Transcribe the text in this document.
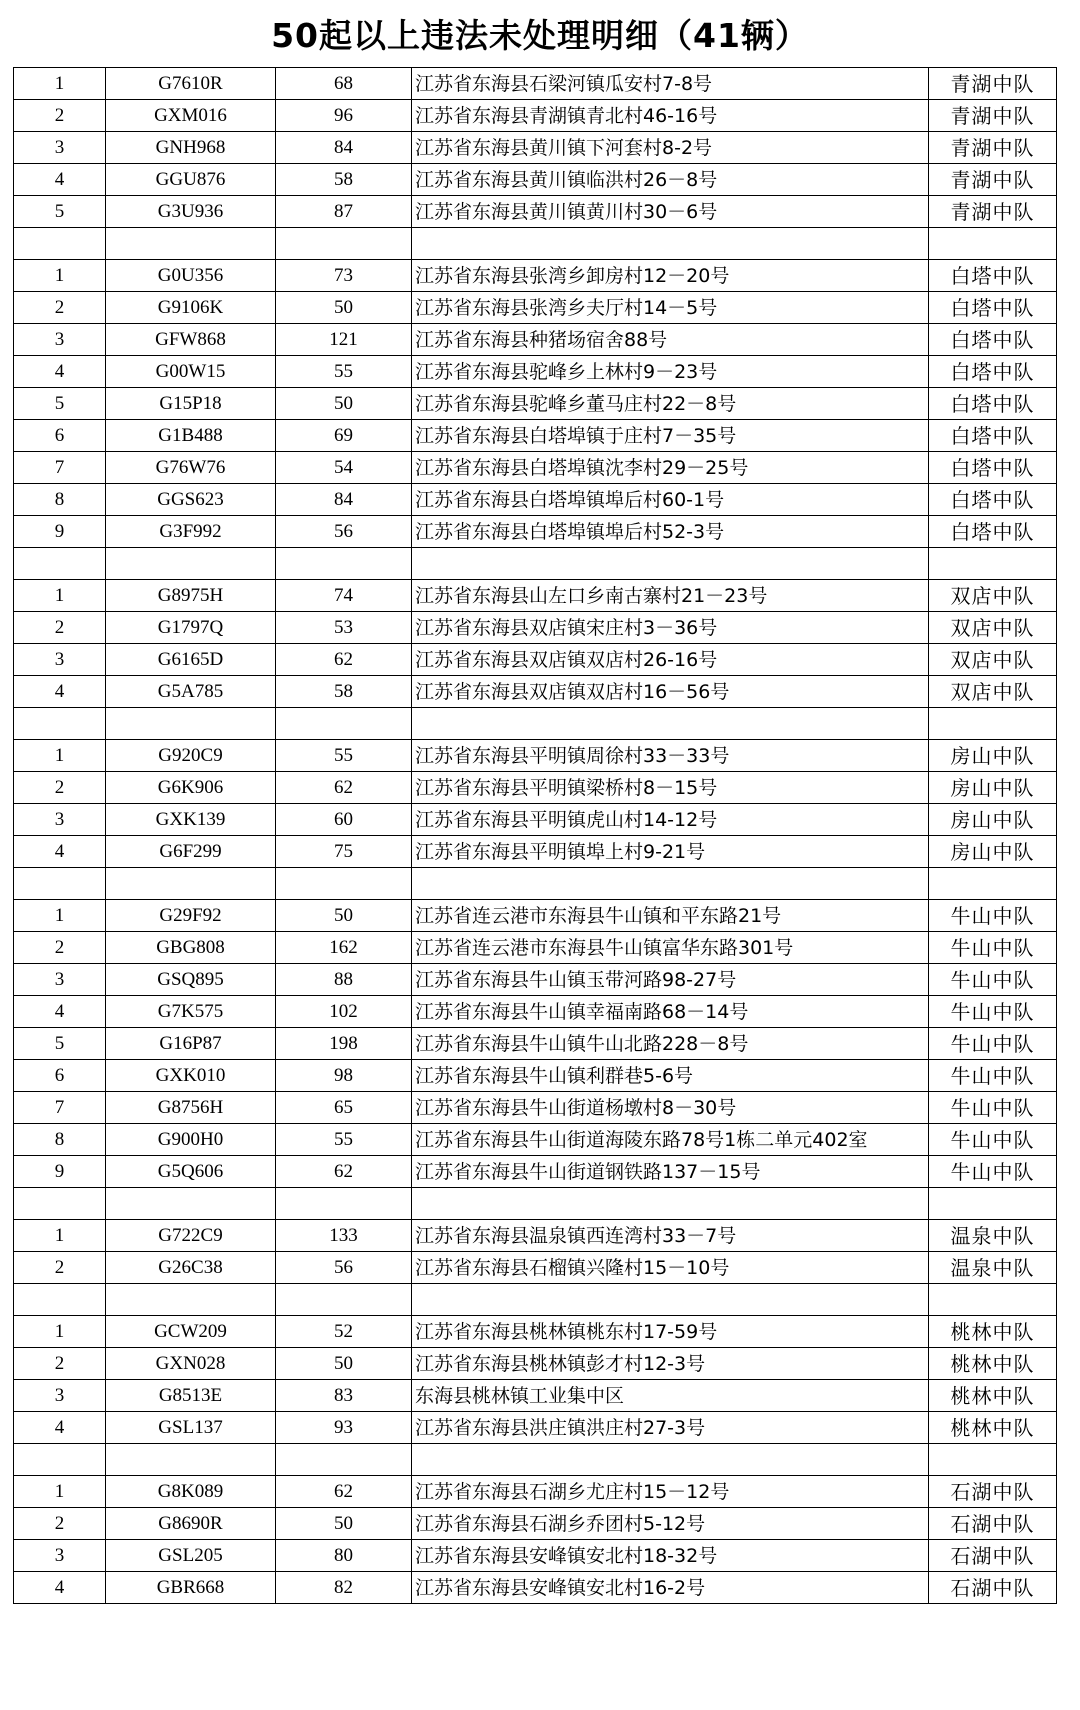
50起以上违法未处理明细（41辆）
1	G7610R	68	江苏省东海县石梁河镇瓜安村7-8号	青湖中队
2	GXM016	96	江苏省东海县青湖镇青北村46-16号	青湖中队
3	GNH968	84	江苏省东海县黄川镇下河套村8-2号	青湖中队
4	GGU876	58	江苏省东海县黄川镇临洪村26－8号	青湖中队
5	G3U936	87	江苏省东海县黄川镇黄川村30－6号	青湖中队

1	G0U356	73	江苏省东海县张湾乡卸房村12－20号	白塔中队
2	G9106K	50	江苏省东海县张湾乡夫厅村14－5号	白塔中队
3	GFW868	121	江苏省东海县种猪场宿舍88号	白塔中队
4	G00W15	55	江苏省东海县驼峰乡上林村9－23号	白塔中队
5	G15P18	50	江苏省东海县驼峰乡董马庄村22－8号	白塔中队
6	G1B488	69	江苏省东海县白塔埠镇于庄村7－35号	白塔中队
7	G76W76	54	江苏省东海县白塔埠镇沈李村29－25号	白塔中队
8	GGS623	84	江苏省东海县白塔埠镇埠后村60-1号	白塔中队
9	G3F992	56	江苏省东海县白塔埠镇埠后村52-3号	白塔中队

1	G8975H	74	江苏省东海县山左口乡南古寨村21－23号	双店中队
2	G1797Q	53	江苏省东海县双店镇宋庄村3－36号	双店中队
3	G6165D	62	江苏省东海县双店镇双店村26-16号	双店中队
4	G5A785	58	江苏省东海县双店镇双店村16－56号	双店中队

1	G920C9	55	江苏省东海县平明镇周徐村33－33号	房山中队
2	G6K906	62	江苏省东海县平明镇梁桥村8－15号	房山中队
3	GXK139	60	江苏省东海县平明镇虎山村14-12号	房山中队
4	G6F299	75	江苏省东海县平明镇埠上村9-21号	房山中队

1	G29F92	50	江苏省连云港市东海县牛山镇和平东路21号	牛山中队
2	GBG808	162	江苏省连云港市东海县牛山镇富华东路301号	牛山中队
3	GSQ895	88	江苏省东海县牛山镇玉带河路98-27号	牛山中队
4	G7K575	102	江苏省东海县牛山镇幸福南路68－14号	牛山中队
5	G16P87	198	江苏省东海县牛山镇牛山北路228－8号	牛山中队
6	GXK010	98	江苏省东海县牛山镇利群巷5-6号	牛山中队
7	G8756H	65	江苏省东海县牛山街道杨墩村8－30号	牛山中队
8	G900H0	55	江苏省东海县牛山街道海陵东路78号1栋二单元402室	牛山中队
9	G5Q606	62	江苏省东海县牛山街道钢铁路137－15号	牛山中队

1	G722C9	133	江苏省东海县温泉镇西连湾村33－7号	温泉中队
2	G26C38	56	江苏省东海县石榴镇兴隆村15－10号	温泉中队

1	GCW209	52	江苏省东海县桃林镇桃东村17-59号	桃林中队
2	GXN028	50	江苏省东海县桃林镇彭才村12-3号	桃林中队
3	G8513E	83	东海县桃林镇工业集中区	桃林中队
4	GSL137	93	江苏省东海县洪庄镇洪庄村27-3号	桃林中队

1	G8K089	62	江苏省东海县石湖乡尤庄村15－12号	石湖中队
2	G8690R	50	江苏省东海县石湖乡乔团村5-12号	石湖中队
3	GSL205	80	江苏省东海县安峰镇安北村18-32号	石湖中队
4	GBR668	82	江苏省东海县安峰镇安北村16-2号	石湖中队
